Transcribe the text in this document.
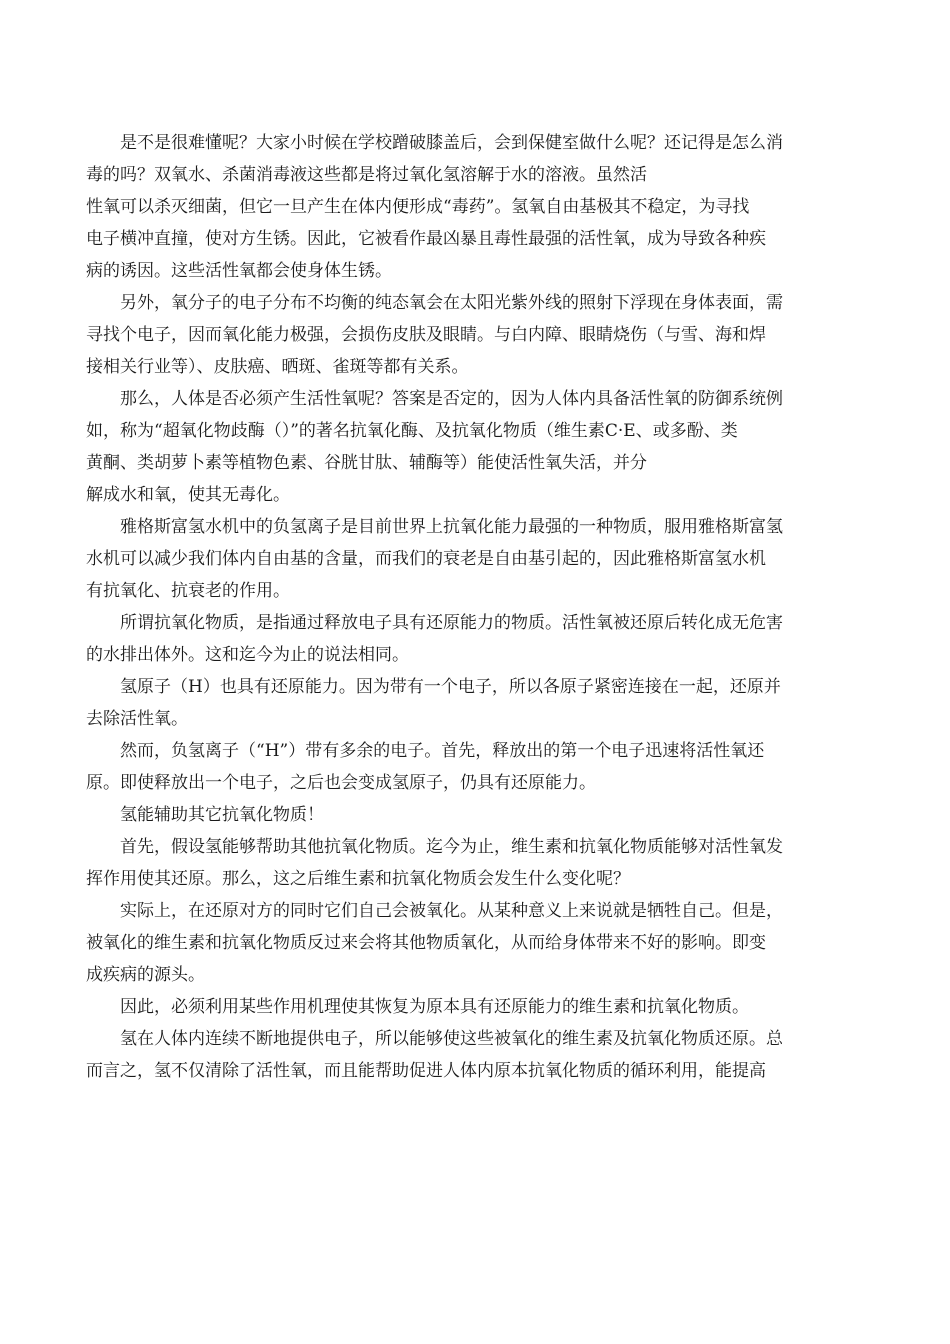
是不是很难懂呢？大家小时候在学校蹭破膝盖后，会到保健室做什么呢？还记得是怎么消
毒的吗？双氧水、杀菌消毒液这些都是将过氧化氢溶解于水的溶液。虽然活
性氧可以杀灭细菌，但它一旦产生在体内便形成“毒药”。氢氧自由基极其不稳定，为寻找
电子横冲直撞，使对方生锈。因此，它被看作最凶暴且毒性最强的活性氧，成为导致各种疾
病的诱因。这些活性氧都会使身体生锈。
另外，氧分子的电子分布不均衡的纯态氧会在太阳光紫外线的照射下浮现在身体表面，需
寻找个电子，因而氧化能力极强，会损伤皮肤及眼睛。与白内障、眼睛烧伤（与雪、海和焊
接相关行业等）、皮肤癌、晒斑、雀斑等都有关系。
那么，人体是否必须产生活性氧呢？答案是否定的，因为人体内具备活性氧的防御系统例
如，称为“超氧化物歧酶（）”的著名抗氧化酶、及抗氧化物质（维生素C·E、或多酚、类
黄酮、类胡萝卜素等植物色素、谷胱甘肽、辅酶等）能使活性氧失活，并分
解成水和氧，使其无毒化。
雅格斯富氢水机中的负氢离子是目前世界上抗氧化能力最强的一种物质，服用雅格斯富氢
水机可以减少我们体内自由基的含量，而我们的衰老是自由基引起的，因此雅格斯富氢水机
有抗氧化、抗衰老的作用。
所谓抗氧化物质，是指通过释放电子具有还原能力的物质。活性氧被还原后转化成无危害
的水排出体外。这和迄今为止的说法相同。
氢原子（H）也具有还原能力。因为带有一个电子，所以各原子紧密连接在一起，还原并
去除活性氧。
然而，负氢离子（“H”）带有多余的电子。首先，释放出的第一个电子迅速将活性氧还
原。即使释放出一个电子，之后也会变成氢原子，仍具有还原能力。
氢能辅助其它抗氧化物质！
首先，假设氢能够帮助其他抗氧化物质。迄今为止，维生素和抗氧化物质能够对活性氧发
挥作用使其还原。那么，这之后维生素和抗氧化物质会发生什么变化呢？
实际上，在还原对方的同时它们自己会被氧化。从某种意义上来说就是牺牲自己。但是，
被氧化的维生素和抗氧化物质反过来会将其他物质氧化，从而给身体带来不好的影响。即变
成疾病的源头。
因此，必须利用某些作用机理使其恢复为原本具有还原能力的维生素和抗氧化物质。
氢在人体内连续不断地提供电子，所以能够使这些被氧化的维生素及抗氧化物质还原。总
而言之，氢不仅清除了活性氧，而且能帮助促进人体内原本抗氧化物质的循环利用，能提高
